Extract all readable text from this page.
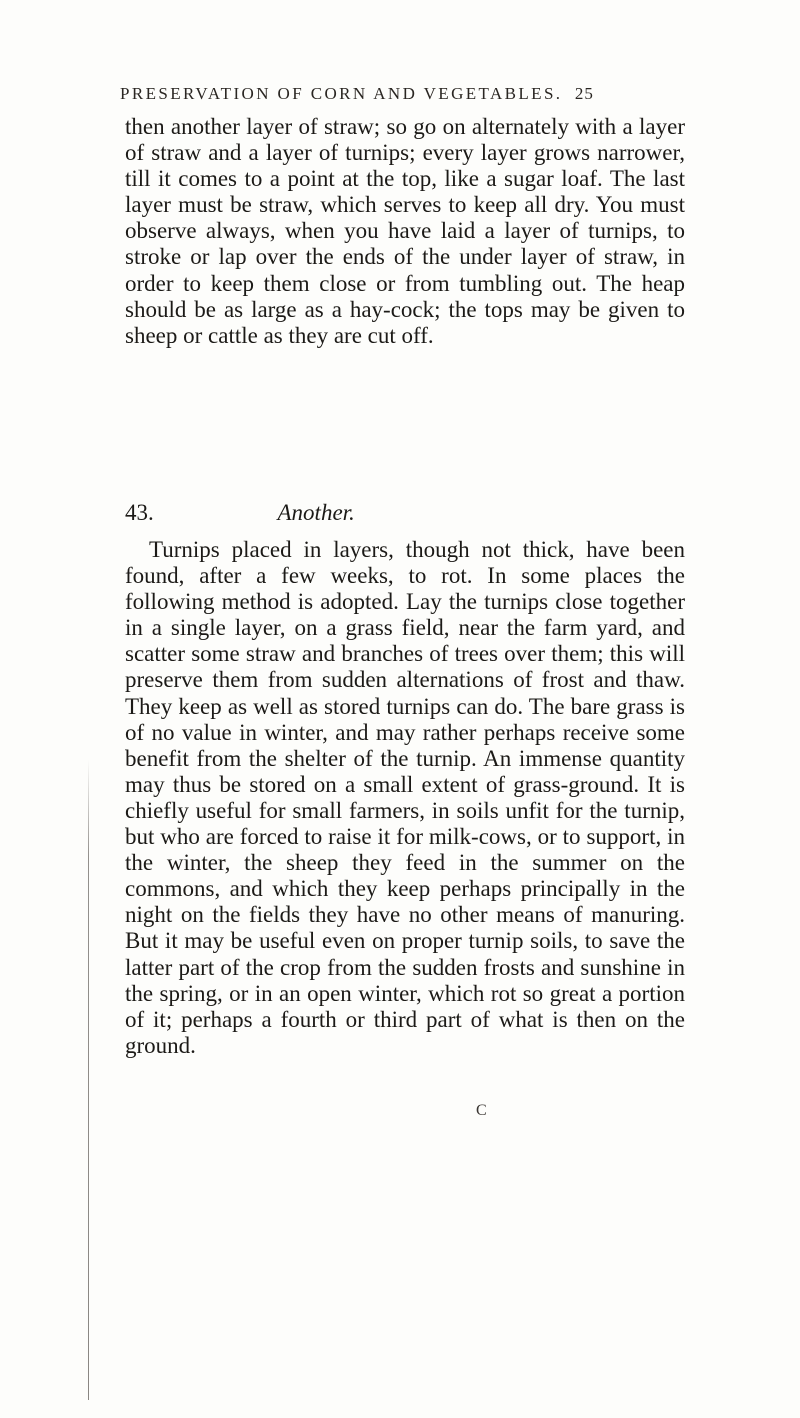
PRESERVATION OF CORN AND VEGETABLES. 25

then another layer of straw; so go on alternately with a layer of straw and a layer of turnips; every layer grows narrower, till it comes to a point at the top, like a sugar loaf. The last layer must be straw, which serves to keep all dry. You must observe always, when you have laid a layer of turnips, to stroke or lap over the ends of the under layer of straw, in order to keep them close or from tumbling out. The heap should be as large as a hay-cock; the tops may be given to sheep or cattle as they are cut off.

43.	Another.

Turnips placed in layers, though not thick, have been found, after a few weeks, to rot. In some places the following method is adopted. Lay the turnips close together in a single layer, on a grass field, near the farm yard, and scatter some straw and branches of trees over them; this will preserve them from sudden alternations of frost and thaw. They keep as well as stored turnips can do. The bare grass is of no value in winter, and may rather perhaps receive some benefit from the shelter of the turnip. An immense quantity may thus be stored on a small extent of grass-ground. It is chiefly useful for small farmers, in soils unfit for the turnip, but who are forced to raise it for milk-cows, or to support, in the winter, the sheep they feed in the summer on the commons, and which they keep perhaps principally in the night on the fields they have no other means of manuring. But it may be useful even on proper turnip soils, to save the latter part of the crop from the sudden frosts and sunshine in the spring, or in an open winter, which rot so great a portion of it; perhaps a fourth or third part of what is then on the ground.

C
